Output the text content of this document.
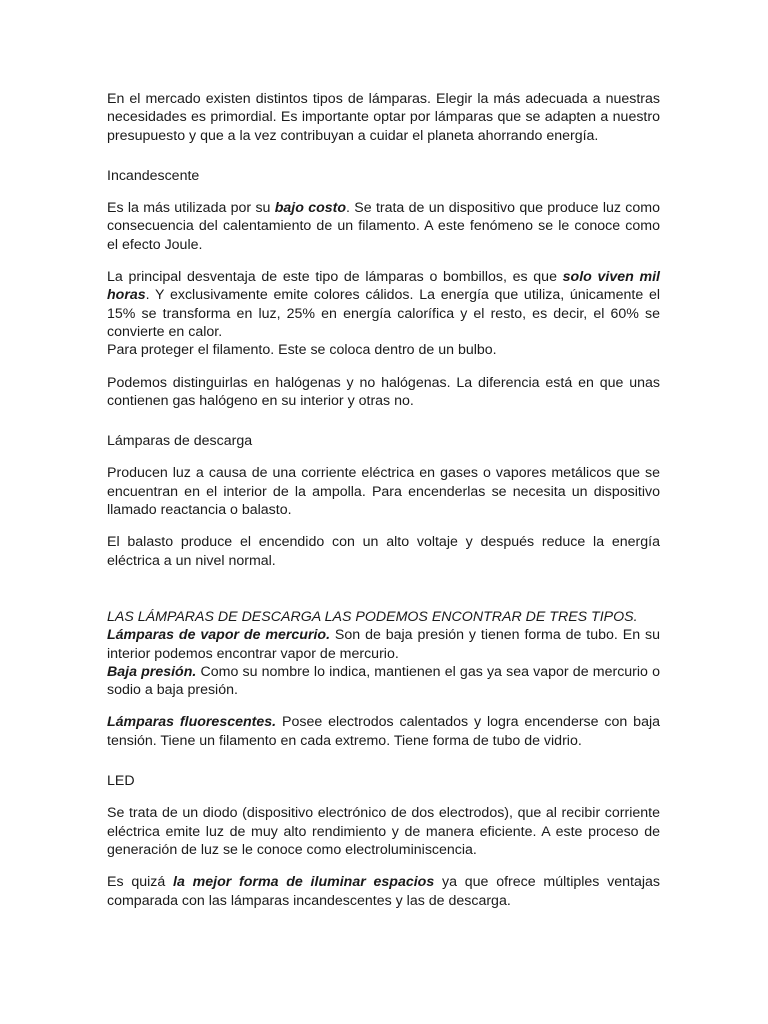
En el mercado existen distintos tipos de lámparas. Elegir la más adecuada a nuestras necesidades es primordial. Es importante optar por lámparas que se adapten a nuestro presupuesto y que a la vez contribuyan a cuidar el planeta ahorrando energía.

Incandescente

Es la más utilizada por su bajo costo. Se trata de un dispositivo que produce luz como consecuencia del calentamiento de un filamento. A este fenómeno se le conoce como el efecto Joule.

La principal desventaja de este tipo de lámparas o bombillos, es que solo viven mil horas. Y exclusivamente emite colores cálidos. La energía que utiliza, únicamente el 15% se transforma en luz, 25% en energía calorífica y el resto, es decir, el 60% se convierte en calor.

Para proteger el filamento. Este se coloca dentro de un bulbo.

Podemos distinguirlas en halógenas y no halógenas. La diferencia está en que unas contienen gas halógeno en su interior y otras no.

Lámparas de descarga

Producen luz a causa de una corriente eléctrica en gases o vapores metálicos que se encuentran en el interior de la ampolla. Para encenderlas se necesita un dispositivo llamado reactancia o balasto.

El balasto produce el encendido con un alto voltaje y después reduce la energía eléctrica a un nivel normal.

LAS LÁMPARAS DE DESCARGA LAS PODEMOS ENCONTRAR DE TRES TIPOS.

Lámparas de vapor de mercurio. Son de baja presión y tienen forma de tubo. En su interior podemos encontrar vapor de mercurio.

Baja presión. Como su nombre lo indica, mantienen el gas ya sea vapor de mercurio o sodio a baja presión.

Lámparas fluorescentes. Posee electrodos calentados y logra encenderse con baja tensión. Tiene un filamento en cada extremo. Tiene forma de tubo de vidrio.

LED

Se trata de un diodo (dispositivo electrónico de dos electrodos), que al recibir corriente eléctrica emite luz de muy alto rendimiento y de manera eficiente. A este proceso de generación de luz se le conoce como electroluminiscencia.

Es quizá la mejor forma de iluminar espacios ya que ofrece múltiples ventajas comparada con las lámparas incandescentes y las de descarga.
